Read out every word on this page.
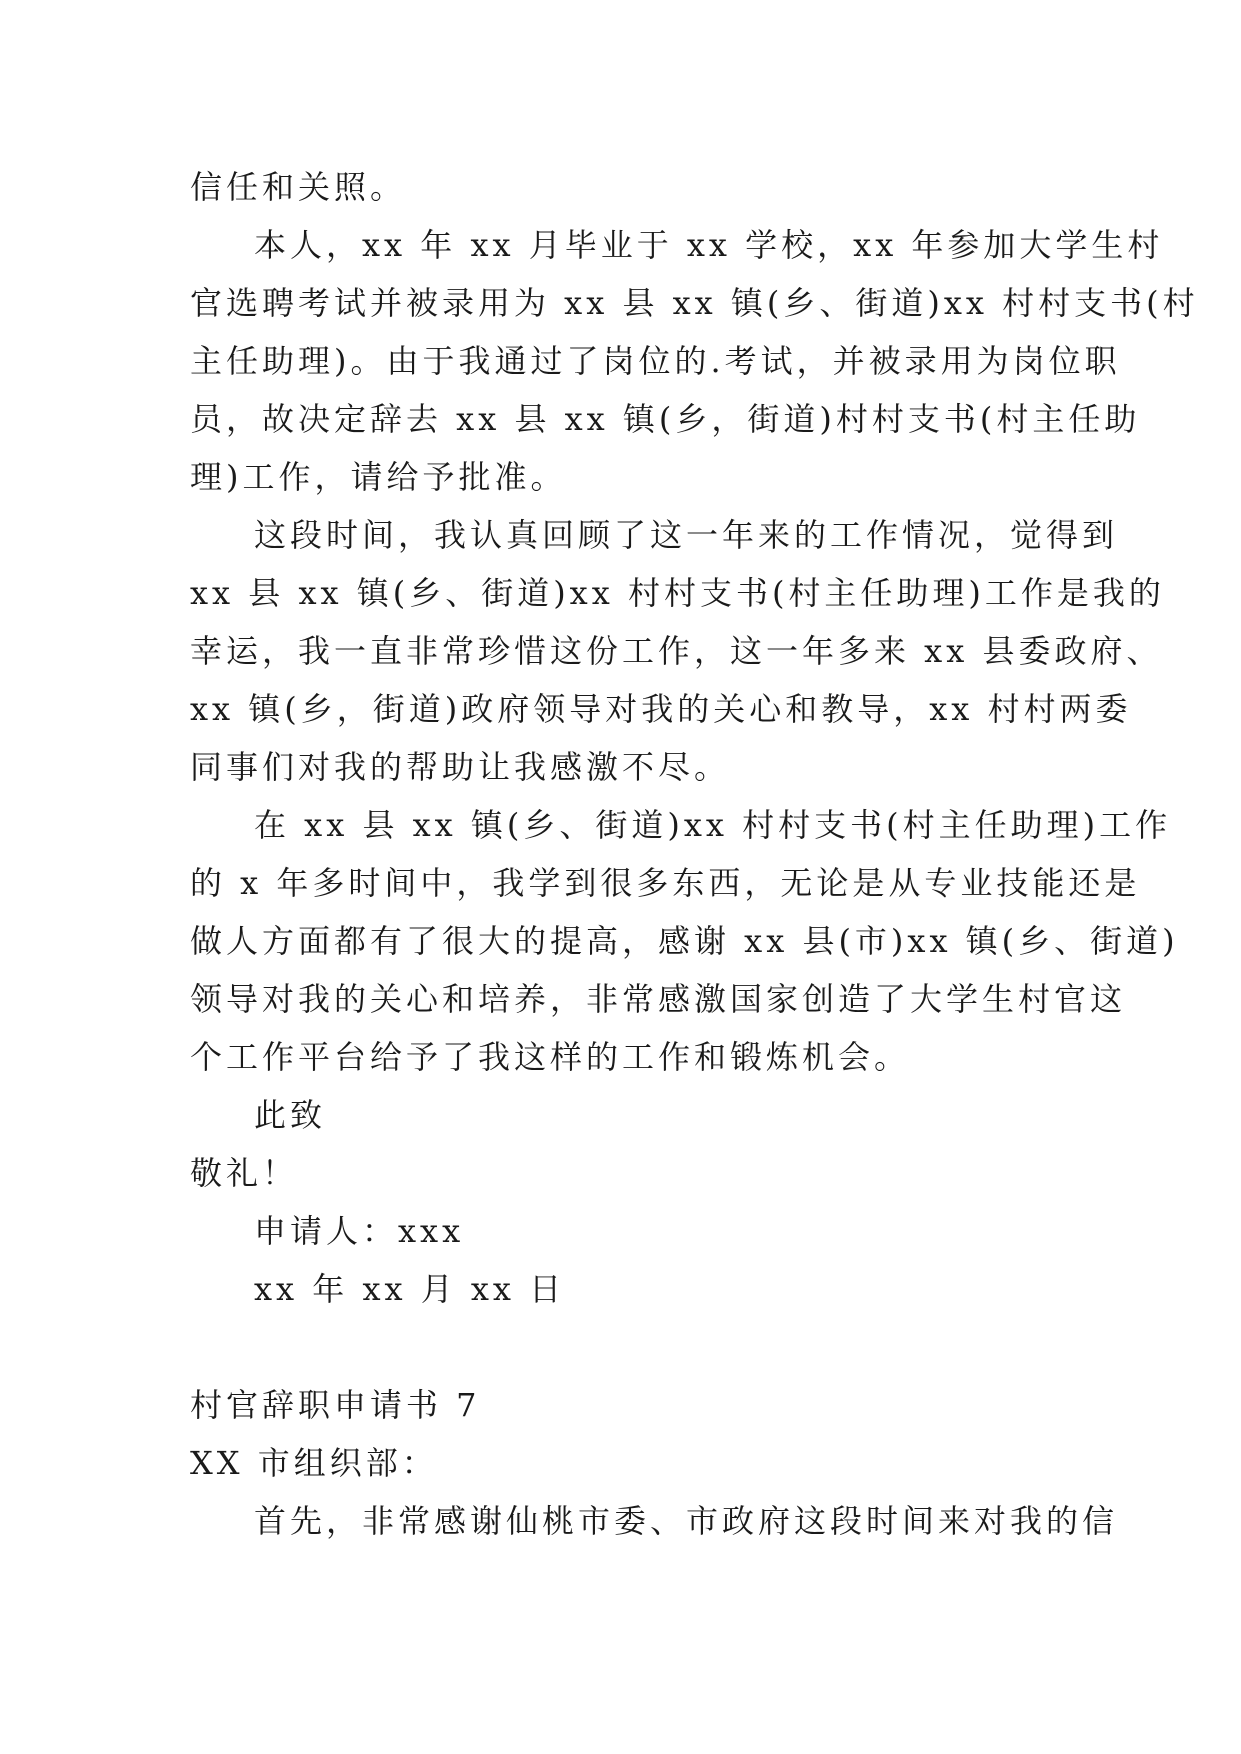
信任和关照。
本人，xx 年 xx 月毕业于 xx 学校，xx 年参加大学生村
官选聘考试并被录用为 xx 县 xx 镇(乡、街道)xx 村村支书(村
主任助理)。由于我通过了岗位的.考试，并被录用为岗位职
员，故决定辞去 xx 县 xx 镇(乡，街道)村村支书(村主任助
理)工作，请给予批准。
这段时间，我认真回顾了这一年来的工作情况，觉得到
xx 县 xx 镇(乡、街道)xx 村村支书(村主任助理)工作是我的
幸运，我一直非常珍惜这份工作，这一年多来 xx 县委政府、
xx 镇(乡，街道)政府领导对我的关心和教导，xx 村村两委
同事们对我的帮助让我感激不尽。
在 xx 县 xx 镇(乡、街道)xx 村村支书(村主任助理)工作
的 x 年多时间中，我学到很多东西，无论是从专业技能还是
做人方面都有了很大的提高，感谢 xx 县(市)xx 镇(乡、街道)
领导对我的关心和培养，非常感激国家创造了大学生村官这
个工作平台给予了我这样的工作和锻炼机会。
此致
敬礼！
申请人：xxx
xx 年 xx 月 xx 日
村官辞职申请书 7
XX 市组织部：
首先，非常感谢仙桃市委、市政府这段时间来对我的信
